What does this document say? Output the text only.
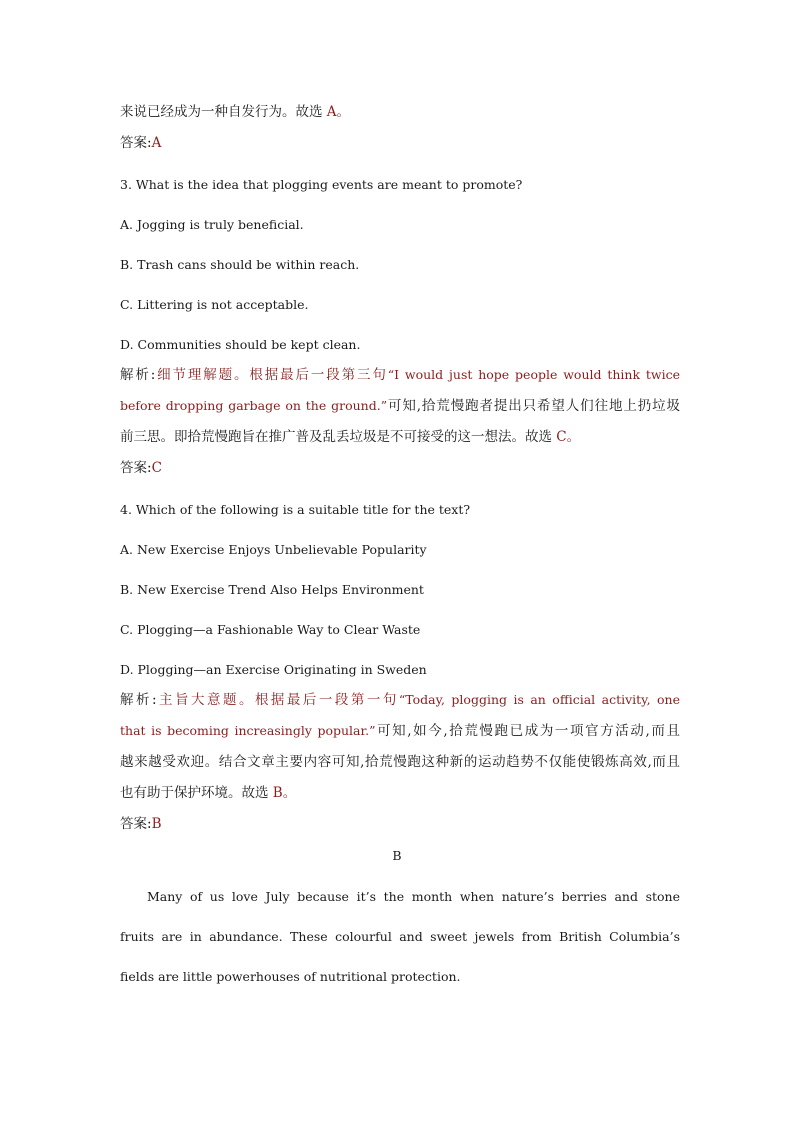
来说已经成为一种自发行为。故选 A。
答案:A
3. What is the idea that plogging events are meant to promote?
A. Jogging is truly beneficial.
B. Trash cans should be within reach.
C. Littering is not acceptable.
D. Communities should be kept clean.
解析:细节理解题。根据最后一段第三句“I would just hope people would think twice
before dropping garbage on the ground.”可知,拾荒慢跑者提出只希望人们往地上扔垃圾
前三思。即拾荒慢跑旨在推广普及乱丢垃圾是不可接受的这一想法。故选 C。
答案:C
4. Which of the following is a suitable title for the text?
A. New Exercise Enjoys Unbelievable Popularity
B. New Exercise Trend Also Helps Environment
C. Plogging—a Fashionable Way to Clear Waste
D. Plogging—an Exercise Originating in Sweden
解析:主旨大意题。根据最后一段第一句“Today, plogging is an official activity, one
that is becoming increasingly popular.”可知,如今,拾荒慢跑已成为一项官方活动,而且
越来越受欢迎。结合文章主要内容可知,拾荒慢跑这种新的运动趋势不仅能使锻炼高效,而且
也有助于保护环境。故选 B。
答案:B
B
Many of us love July because it’s the month when nature’s berries and stone
fruits are in abundance. These colourful and sweet jewels from British Columbia’s
fields are little powerhouses of nutritional protection.
